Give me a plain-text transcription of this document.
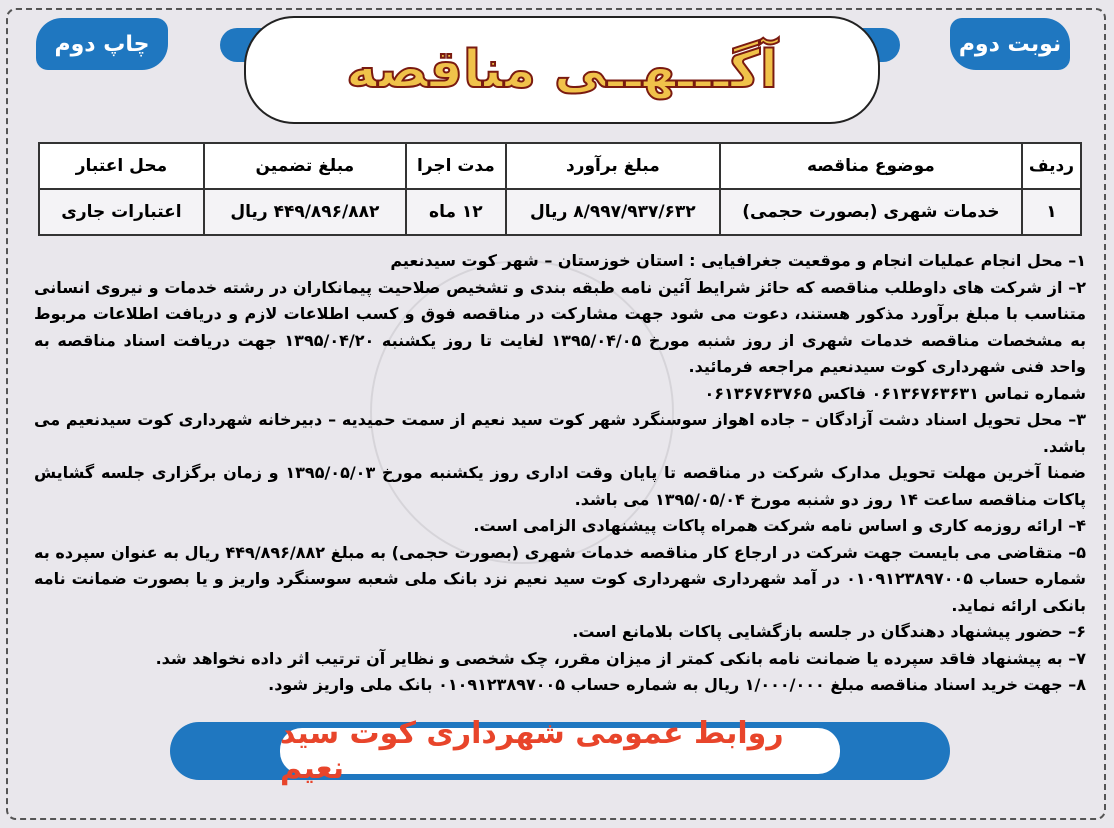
نوبت دوم
چاپ دوم	آگـــهــی مناقصه
ردیف	موضوع مناقصه	مبلغ برآورد	مدت اجرا	مبلغ تضمین	محل اعتبار
۱	خدمات شهری (بصورت حجمی)	۸/۹۹۷/۹۳۷/۶۳۲ ریال	۱۲ ماه	۴۴۹/۸۹۶/۸۸۲ ریال	اعتبارات جاری

۱– محل انجام عملیات انجام و موقعیت جغرافیایی : استان خوزستان – شهر کوت سیدنعیم

۲– از شرکت های داوطلب مناقصه که حائز شرایط آئین نامه طبقه بندی و تشخیص صلاحیت پیمانکاران در رشته خدمات و نیروی انسانی متناسب با مبلغ برآورد مذکور هستند، دعوت می شود جهت مشارکت در مناقصه فوق و کسب اطلاعات لازم و دریافت اطلاعات مربوط به مشخصات مناقصه خدمات شهری از روز شنبه مورخ ۱۳۹۵/۰۴/۰۵ لغایت تا روز یکشنبه ۱۳۹۵/۰۴/۲۰ جهت دریافت اسناد مناقصه به واحد فنی شهرداری کوت سیدنعیم مراجعه فرمائید.

شماره تماس ۰۶۱۳۶۷۶۳۶۳۱ فاکس ۰۶۱۳۶۷۶۳۷۶۵

۳– محل تحویل اسناد دشت آزادگان – جاده اهواز سوسنگرد شهر کوت سید نعیم از سمت حمیدیه – دبیرخانه شهرداری کوت سیدنعیم می باشد.

ضمنا آخرین مهلت تحویل مدارک شرکت در مناقصه تا پایان وقت اداری روز یکشنبه مورخ ۱۳۹۵/۰۵/۰۳ و زمان برگزاری جلسه گشایش پاکات مناقصه ساعت ۱۴ روز دو شنبه مورخ ۱۳۹۵/۰۵/۰۴ می باشد.

۴– ارائه روزمه کاری و اساس نامه شرکت همراه پاکات پیشنهادی الزامی است.

۵– متقاضی می بایست جهت شرکت در ارجاع کار مناقصه خدمات شهری (بصورت حجمی) به مبلغ ۴۴۹/۸۹۶/۸۸۲ ریال به عنوان سپرده به شماره حساب ۰۱۰۹۱۲۳۸۹۷۰۰۵ در آمد شهرداری شهرداری کوت سید نعیم نزد بانک ملی شعبه سوسنگرد واریز و یا بصورت ضمانت نامه بانکی ارائه نماید.

۶– حضور پیشنهاد دهندگان در جلسه بازگشایی پاکات بلامانع است.

۷– به پیشنهاد فاقد سپرده یا ضمانت نامه بانکی کمتر از میزان مقرر، چک شخصی و نظایر آن ترتیب اثر داده نخواهد شد.

۸– جهت خرید اسناد مناقصه مبلغ ۱/۰۰۰/۰۰۰ ریال به شماره حساب ۰۱۰۹۱۲۳۸۹۷۰۰۵ بانک ملی واریز شود.

روابط عمومی شهرداری کوت سید نعیم
